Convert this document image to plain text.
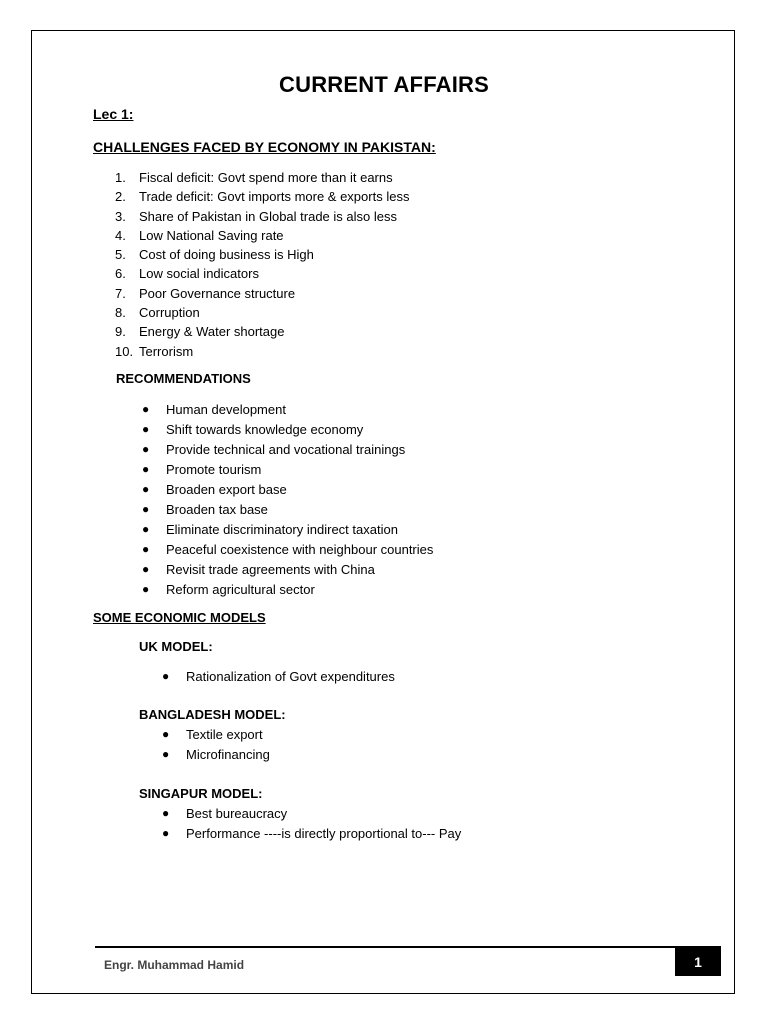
CURRENT AFFAIRS
Lec 1:
CHALLENGES FACED BY ECONOMY IN PAKISTAN:
1. Fiscal deficit: Govt spend more than it earns
2. Trade deficit: Govt imports more & exports less
3. Share of Pakistan in Global trade is also less
4. Low National Saving rate
5. Cost of doing business is High
6. Low social indicators
7. Poor Governance structure
8. Corruption
9. Energy & Water shortage
10. Terrorism
RECOMMENDATIONS
● Human development
● Shift towards knowledge economy
● Provide technical and vocational trainings
● Promote tourism
● Broaden export base
● Broaden tax base
● Eliminate discriminatory indirect taxation
● Peaceful coexistence with neighbour countries
● Revisit trade agreements with China
● Reform agricultural sector
SOME ECONOMIC MODELS
UK MODEL:
● Rationalization of Govt expenditures
BANGLADESH MODEL:
● Textile export
● Microfinancing
SINGAPUR MODEL:
● Best bureaucracy
● Performance ----is directly proportional to--- Pay
Engr. Muhammad Hamid	1
